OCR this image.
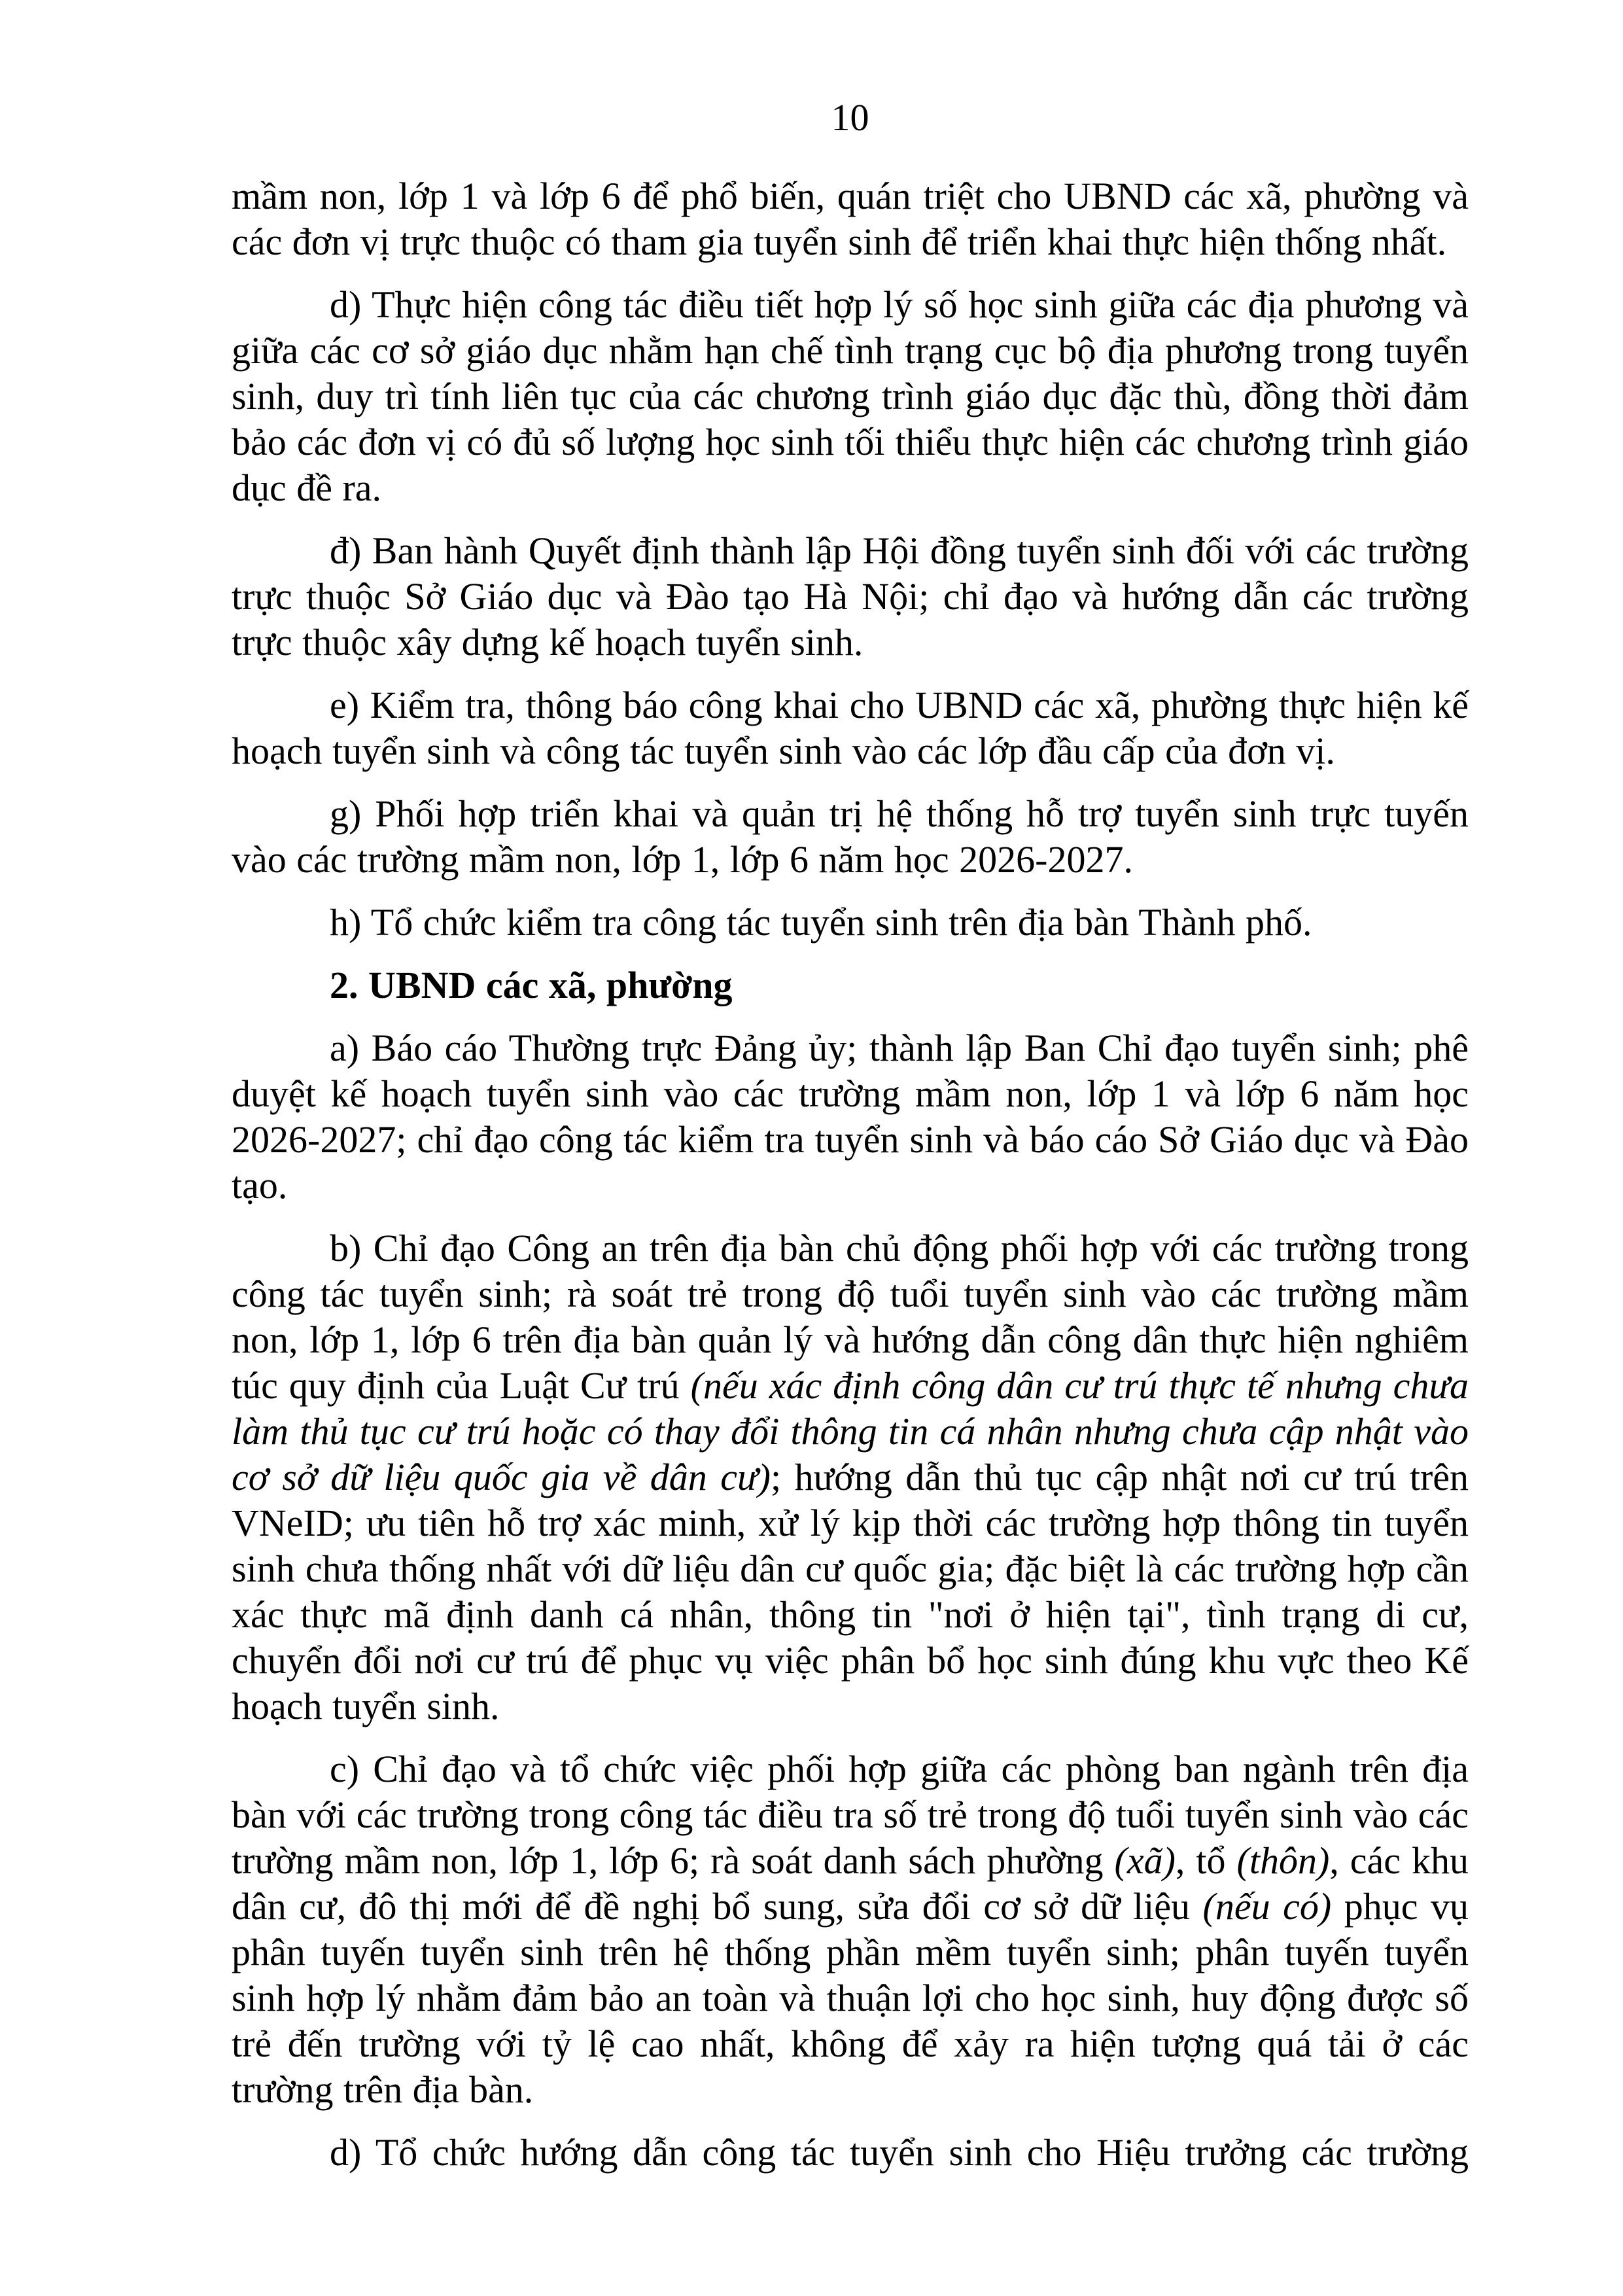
10

mầm non, lớp 1 và lớp 6 để phổ biến, quán triệt cho UBND các xã, phường và các đơn vị trực thuộc có tham gia tuyển sinh để triển khai thực hiện thống nhất.

d) Thực hiện công tác điều tiết hợp lý số học sinh giữa các địa phương và giữa các cơ sở giáo dục nhằm hạn chế tình trạng cục bộ địa phương trong tuyển sinh, duy trì tính liên tục của các chương trình giáo dục đặc thù, đồng thời đảm bảo các đơn vị có đủ số lượng học sinh tối thiểu thực hiện các chương trình giáo dục đề ra.

đ) Ban hành Quyết định thành lập Hội đồng tuyển sinh đối với các trường trực thuộc Sở Giáo dục và Đào tạo Hà Nội; chỉ đạo và hướng dẫn các trường trực thuộc xây dựng kế hoạch tuyển sinh.

e) Kiểm tra, thông báo công khai cho UBND các xã, phường thực hiện kế hoạch tuyển sinh và công tác tuyển sinh vào các lớp đầu cấp của đơn vị.

g) Phối hợp triển khai và quản trị hệ thống hỗ trợ tuyển sinh trực tuyến vào các trường mầm non, lớp 1, lớp 6 năm học 2026-2027.

h) Tổ chức kiểm tra công tác tuyển sinh trên địa bàn Thành phố.

2. UBND các xã, phường

a) Báo cáo Thường trực Đảng ủy; thành lập Ban Chỉ đạo tuyển sinh; phê duyệt kế hoạch tuyển sinh vào các trường mầm non, lớp 1 và lớp 6 năm học 2026-2027; chỉ đạo công tác kiểm tra tuyển sinh và báo cáo Sở Giáo dục và Đào tạo.

b) Chỉ đạo Công an trên địa bàn chủ động phối hợp với các trường trong công tác tuyển sinh; rà soát trẻ trong độ tuổi tuyển sinh vào các trường mầm non, lớp 1, lớp 6 trên địa bàn quản lý và hướng dẫn công dân thực hiện nghiêm túc quy định của Luật Cư trú (nếu xác định công dân cư trú thực tế nhưng chưa làm thủ tục cư trú hoặc có thay đổi thông tin cá nhân nhưng chưa cập nhật vào cơ sở dữ liệu quốc gia về dân cư); hướng dẫn thủ tục cập nhật nơi cư trú trên VNeID; ưu tiên hỗ trợ xác minh, xử lý kịp thời các trường hợp thông tin tuyển sinh chưa thống nhất với dữ liệu dân cư quốc gia; đặc biệt là các trường hợp cần xác thực mã định danh cá nhân, thông tin "nơi ở hiện tại", tình trạng di cư, chuyển đổi nơi cư trú để phục vụ việc phân bổ học sinh đúng khu vực theo Kế hoạch tuyển sinh.

c) Chỉ đạo và tổ chức việc phối hợp giữa các phòng ban ngành trên địa bàn với các trường trong công tác điều tra số trẻ trong độ tuổi tuyển sinh vào các trường mầm non, lớp 1, lớp 6; rà soát danh sách phường (xã), tổ (thôn), các khu dân cư, đô thị mới để đề nghị bổ sung, sửa đổi cơ sở dữ liệu (nếu có) phục vụ phân tuyến tuyển sinh trên hệ thống phần mềm tuyển sinh; phân tuyến tuyển sinh hợp lý nhằm đảm bảo an toàn và thuận lợi cho học sinh, huy động được số trẻ đến trường với tỷ lệ cao nhất, không để xảy ra hiện tượng quá tải ở các trường trên địa bàn.

d) Tổ chức hướng dẫn công tác tuyển sinh cho Hiệu trưởng các trường
